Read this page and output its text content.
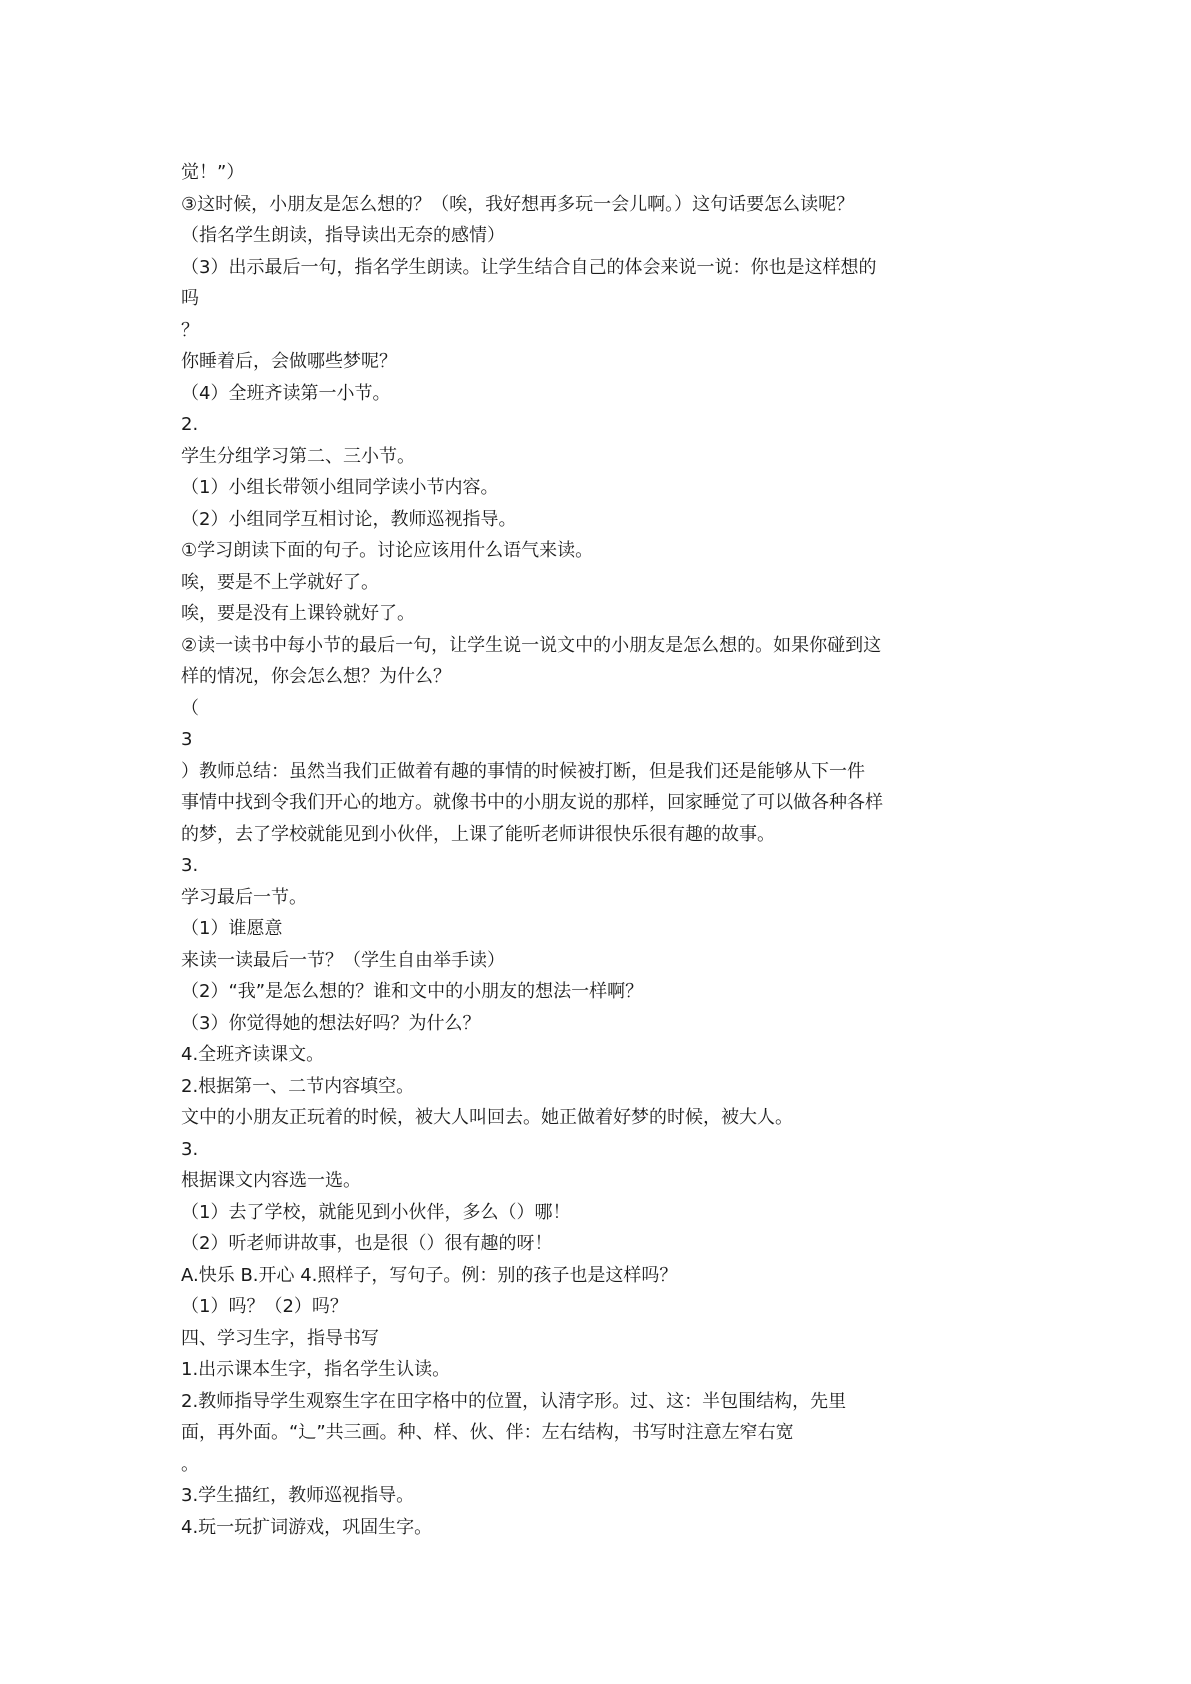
觉！”）
③这时候，小朋友是怎么想的？（唉，我好想再多玩一会儿啊。）这句话要怎么读呢？
（指名学生朗读，指导读出无奈的感情）
（3）出示最后一句，指名学生朗读。让学生结合自己的体会来说一说：你也是这样想的
吗
？
你睡着后，会做哪些梦呢？
（4）全班齐读第一小节。
2.
学生分组学习第二、三小节。
（1）小组长带领小组同学读小节内容。
（2）小组同学互相讨论，教师巡视指导。
①学习朗读下面的句子。讨论应该用什么语气来读。
唉，要是不上学就好了。
唉，要是没有上课铃就好了。
②读一读书中每小节的最后一句，让学生说一说文中的小朋友是怎么想的。如果你碰到这
样的情况，你会怎么想？为什么？
（
3
）教师总结：虽然当我们正做着有趣的事情的时候被打断，但是我们还是能够从下一件
事情中找到令我们开心的地方。就像书中的小朋友说的那样，回家睡觉了可以做各种各样
的梦，去了学校就能见到小伙伴，上课了能听老师讲很快乐很有趣的故事。
3.
学习最后一节。
（1）谁愿意
来读一读最后一节？（学生自由举手读）
（2）“我”是怎么想的？谁和文中的小朋友的想法一样啊？
（3）你觉得她的想法好吗？为什么？
4.全班齐读课文。
2.根据第一、二节内容填空。
文中的小朋友正玩着的时候，被大人叫回去。她正做着好梦的时候，被大人。
3.
根据课文内容选一选。
（1）去了学校，就能见到小伙伴，多么（）哪！
（2）听老师讲故事，也是很（）很有趣的呀！
A.快乐 B.开心 4.照样子，写句子。例：别的孩子也是这样吗？
（1）吗？（2）吗？
四、学习生字，指导书写
1.出示课本生字，指名学生认读。
2.教师指导学生观察生字在田字格中的位置，认清字形。过、这：半包围结构，先里
面，再外面。“辶”共三画。种、样、伙、伴：左右结构，书写时注意左窄右宽
。
3.学生描红，教师巡视指导。
4.玩一玩扩词游戏，巩固生字。
